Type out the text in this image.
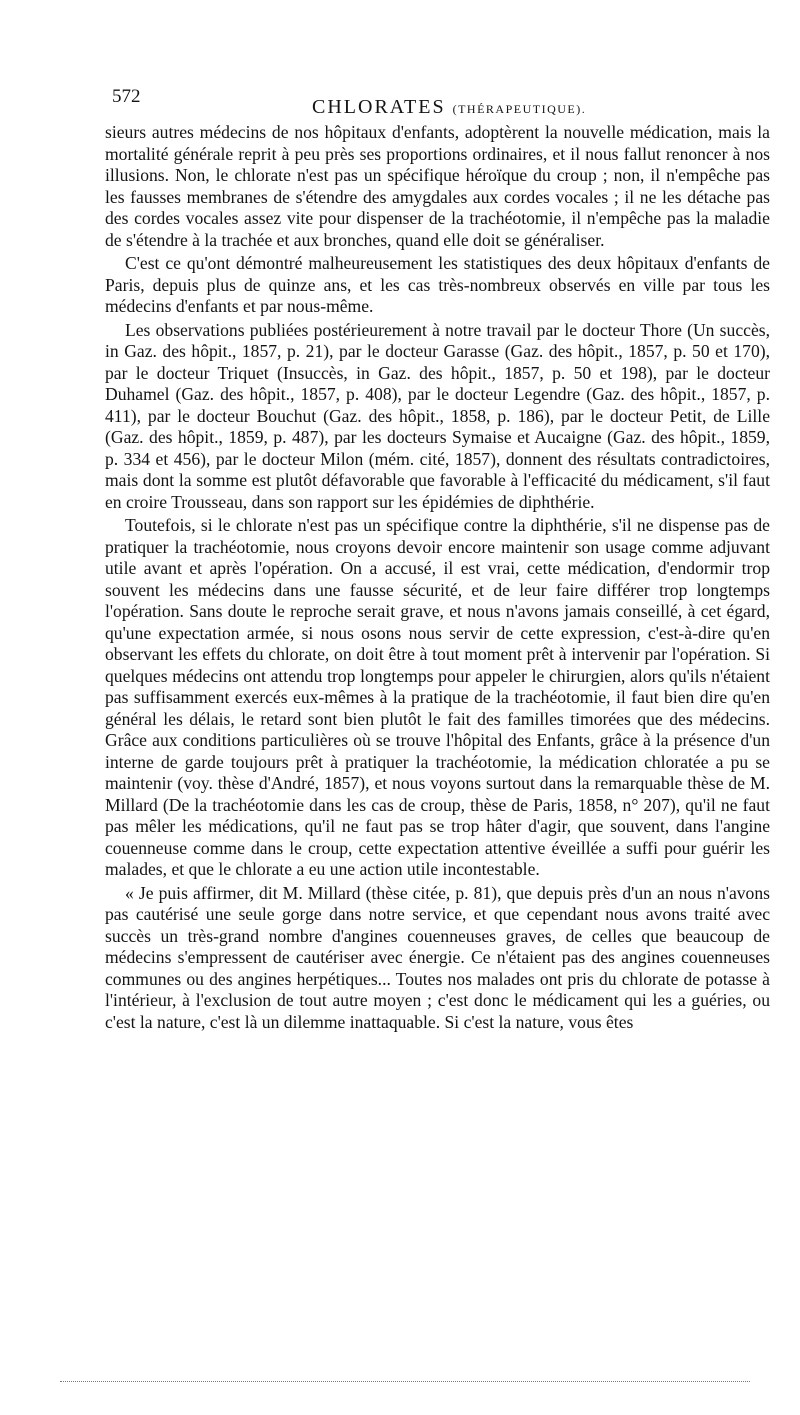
572	CHLORATES (THÉRAPEUTIQUE).

sieurs autres médecins de nos hôpitaux d'enfants, adoptèrent la nouvelle médication, mais la mortalité générale reprit à peu près ses proportions ordinaires, et il nous fallut renoncer à nos illusions. Non, le chlorate n'est pas un spécifique héroïque du croup ; non, il n'empêche pas les fausses membranes de s'étendre des amygdales aux cordes vocales ; il ne les détache pas des cordes vocales assez vite pour dispenser de la trachéotomie, il n'empêche pas la maladie de s'étendre à la trachée et aux bronches, quand elle doit se généraliser.

C'est ce qu'ont démontré malheureusement les statistiques des deux hôpitaux d'enfants de Paris, depuis plus de quinze ans, et les cas très-nombreux observés en ville par tous les médecins d'enfants et par nous-même.

Les observations publiées postérieurement à notre travail par le docteur Thore (Un succès, in Gaz. des hôpit., 1857, p. 21), par le docteur Garasse (Gaz. des hôpit., 1857, p. 50 et 170), par le docteur Triquet (Insuccès, in Gaz. des hôpit., 1857, p. 50 et 198), par le docteur Duhamel (Gaz. des hôpit., 1857, p. 408), par le docteur Legendre (Gaz. des hôpit., 1857, p. 411), par le docteur Bouchut (Gaz. des hôpit., 1858, p. 186), par le docteur Petit, de Lille (Gaz. des hôpit., 1859, p. 487), par les docteurs Symaise et Aucaigne (Gaz. des hôpit., 1859, p. 334 et 456), par le docteur Milon (mém. cité, 1857), donnent des résultats contradictoires, mais dont la somme est plutôt défavorable que favorable à l'efficacité du médicament, s'il faut en croire Trousseau, dans son rapport sur les épidémies de diphthérie.

Toutefois, si le chlorate n'est pas un spécifique contre la diphthérie, s'il ne dispense pas de pratiquer la trachéotomie, nous croyons devoir encore maintenir son usage comme adjuvant utile avant et après l'opération. On a accusé, il est vrai, cette médication, d'endormir trop souvent les médecins dans une fausse sécurité, et de leur faire différer trop longtemps l'opération. Sans doute le reproche serait grave, et nous n'avons jamais conseillé, à cet égard, qu'une expectation armée, si nous osons nous servir de cette expression, c'est-à-dire qu'en observant les effets du chlorate, on doit être à tout moment prêt à intervenir par l'opération. Si quelques médecins ont attendu trop longtemps pour appeler le chirurgien, alors qu'ils n'étaient pas suffisamment exercés eux-mêmes à la pratique de la trachéotomie, il faut bien dire qu'en général les délais, le retard sont bien plutôt le fait des familles timorées que des médecins. Grâce aux conditions particulières où se trouve l'hôpital des Enfants, grâce à la présence d'un interne de garde toujours prêt à pratiquer la trachéotomie, la médication chloratée a pu se maintenir (voy. thèse d'André, 1857), et nous voyons surtout dans la remarquable thèse de M. Millard (De la trachéotomie dans les cas de croup, thèse de Paris, 1858, n° 207), qu'il ne faut pas mêler les médications, qu'il ne faut pas se trop hâter d'agir, que souvent, dans l'angine couenneuse comme dans le croup, cette expectation attentive éveillée a suffi pour guérir les malades, et que le chlorate a eu une action utile incontestable.

« Je puis affirmer, dit M. Millard (thèse citée, p. 81), que depuis près d'un an nous n'avons pas cautérisé une seule gorge dans notre service, et que cependant nous avons traité avec succès un très-grand nombre d'angines couenneuses graves, de celles que beaucoup de médecins s'empressent de cautériser avec énergie. Ce n'étaient pas des angines couenneuses communes ou des angines herpétiques... Toutes nos malades ont pris du chlorate de potasse à l'intérieur, à l'exclusion de tout autre moyen ; c'est donc le médicament qui les a guéries, ou c'est la nature, c'est là un dilemme inattaquable. Si c'est la nature, vous êtes
